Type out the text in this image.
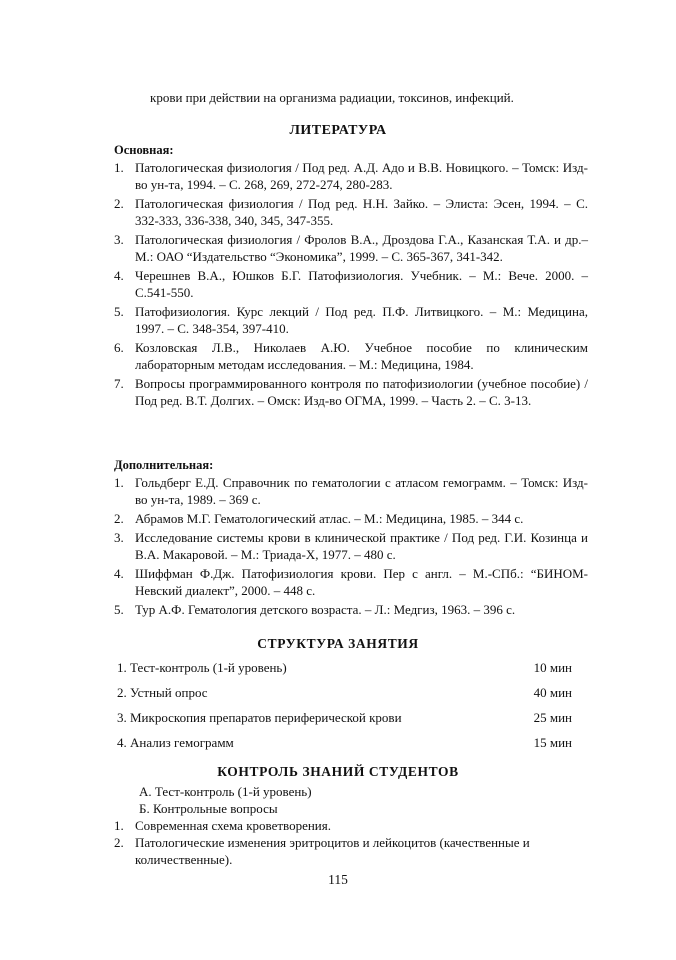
крови при действии на организма радиации, токсинов, инфекций.
ЛИТЕРАТУРА
Основная:
1. Патологическая физиология / Под ред. А.Д. Адо и В.В. Новицкого. – Томск: Изд-во ун-та, 1994. – С. 268, 269, 272-274, 280-283.
2. Патологическая физиология / Под ред. Н.Н. Зайко. – Элиста: Эсен, 1994. – С. 332-333, 336-338, 340, 345, 347-355.
3. Патологическая физиология / Фролов В.А., Дроздова Г.А., Казанская Т.А. и др.– М.: ОАО “Издательство “Экономика”, 1999. – С. 365-367, 341-342.
4. Черешнев В.А., Юшков Б.Г. Патофизиология. Учебник. – М.: Вече. 2000. – С.541-550.
5. Патофизиология. Курс лекций / Под ред. П.Ф. Литвицкого. – М.: Медицина, 1997. – С. 348-354, 397-410.
6. Козловская Л.В., Николаев А.Ю. Учебное пособие по клиническим лабораторным методам исследования. – М.: Медицина, 1984.
7. Вопросы программированного контроля по патофизиологии (учебное пособие) / Под ред. В.Т. Долгих. – Омск: Изд-во ОГМА, 1999. – Часть 2. – С. 3-13.
Дополнительная:
1. Гольдберг Е.Д. Справочник по гематологии с атласом гемограмм. – Томск: Изд-во ун-та, 1989. – 369 с.
2. Абрамов М.Г. Гематологический атлас. – М.: Медицина, 1985. – 344 с.
3. Исследование системы крови в клинической практике / Под ред. Г.И. Козинца и В.А. Макаровой. – М.: Триада-Х, 1977. – 480 с.
4. Шиффман Ф.Дж. Патофизиология крови. Пер с англ. – М.-СПб.: “БИНОМ-Невский диалект”, 2000. – 448 с.
5. Тур А.Ф. Гематология детского возраста. – Л.: Медгиз, 1963. – 396 с.
СТРУКТУРА ЗАНЯТИЯ
1. Тест-контроль (1-й уровень)	10 мин
2. Устный опрос	40 мин
3. Микроскопия препаратов периферической крови	25 мин
4. Анализ гемограмм	15 мин
КОНТРОЛЬ ЗНАНИЙ СТУДЕНТОВ
А. Тест-контроль (1-й уровень)
Б. Контрольные вопросы
1. Современная схема кроветворения.
2. Патологические изменения эритроцитов и лейкоцитов (качественные и количественные).
115
